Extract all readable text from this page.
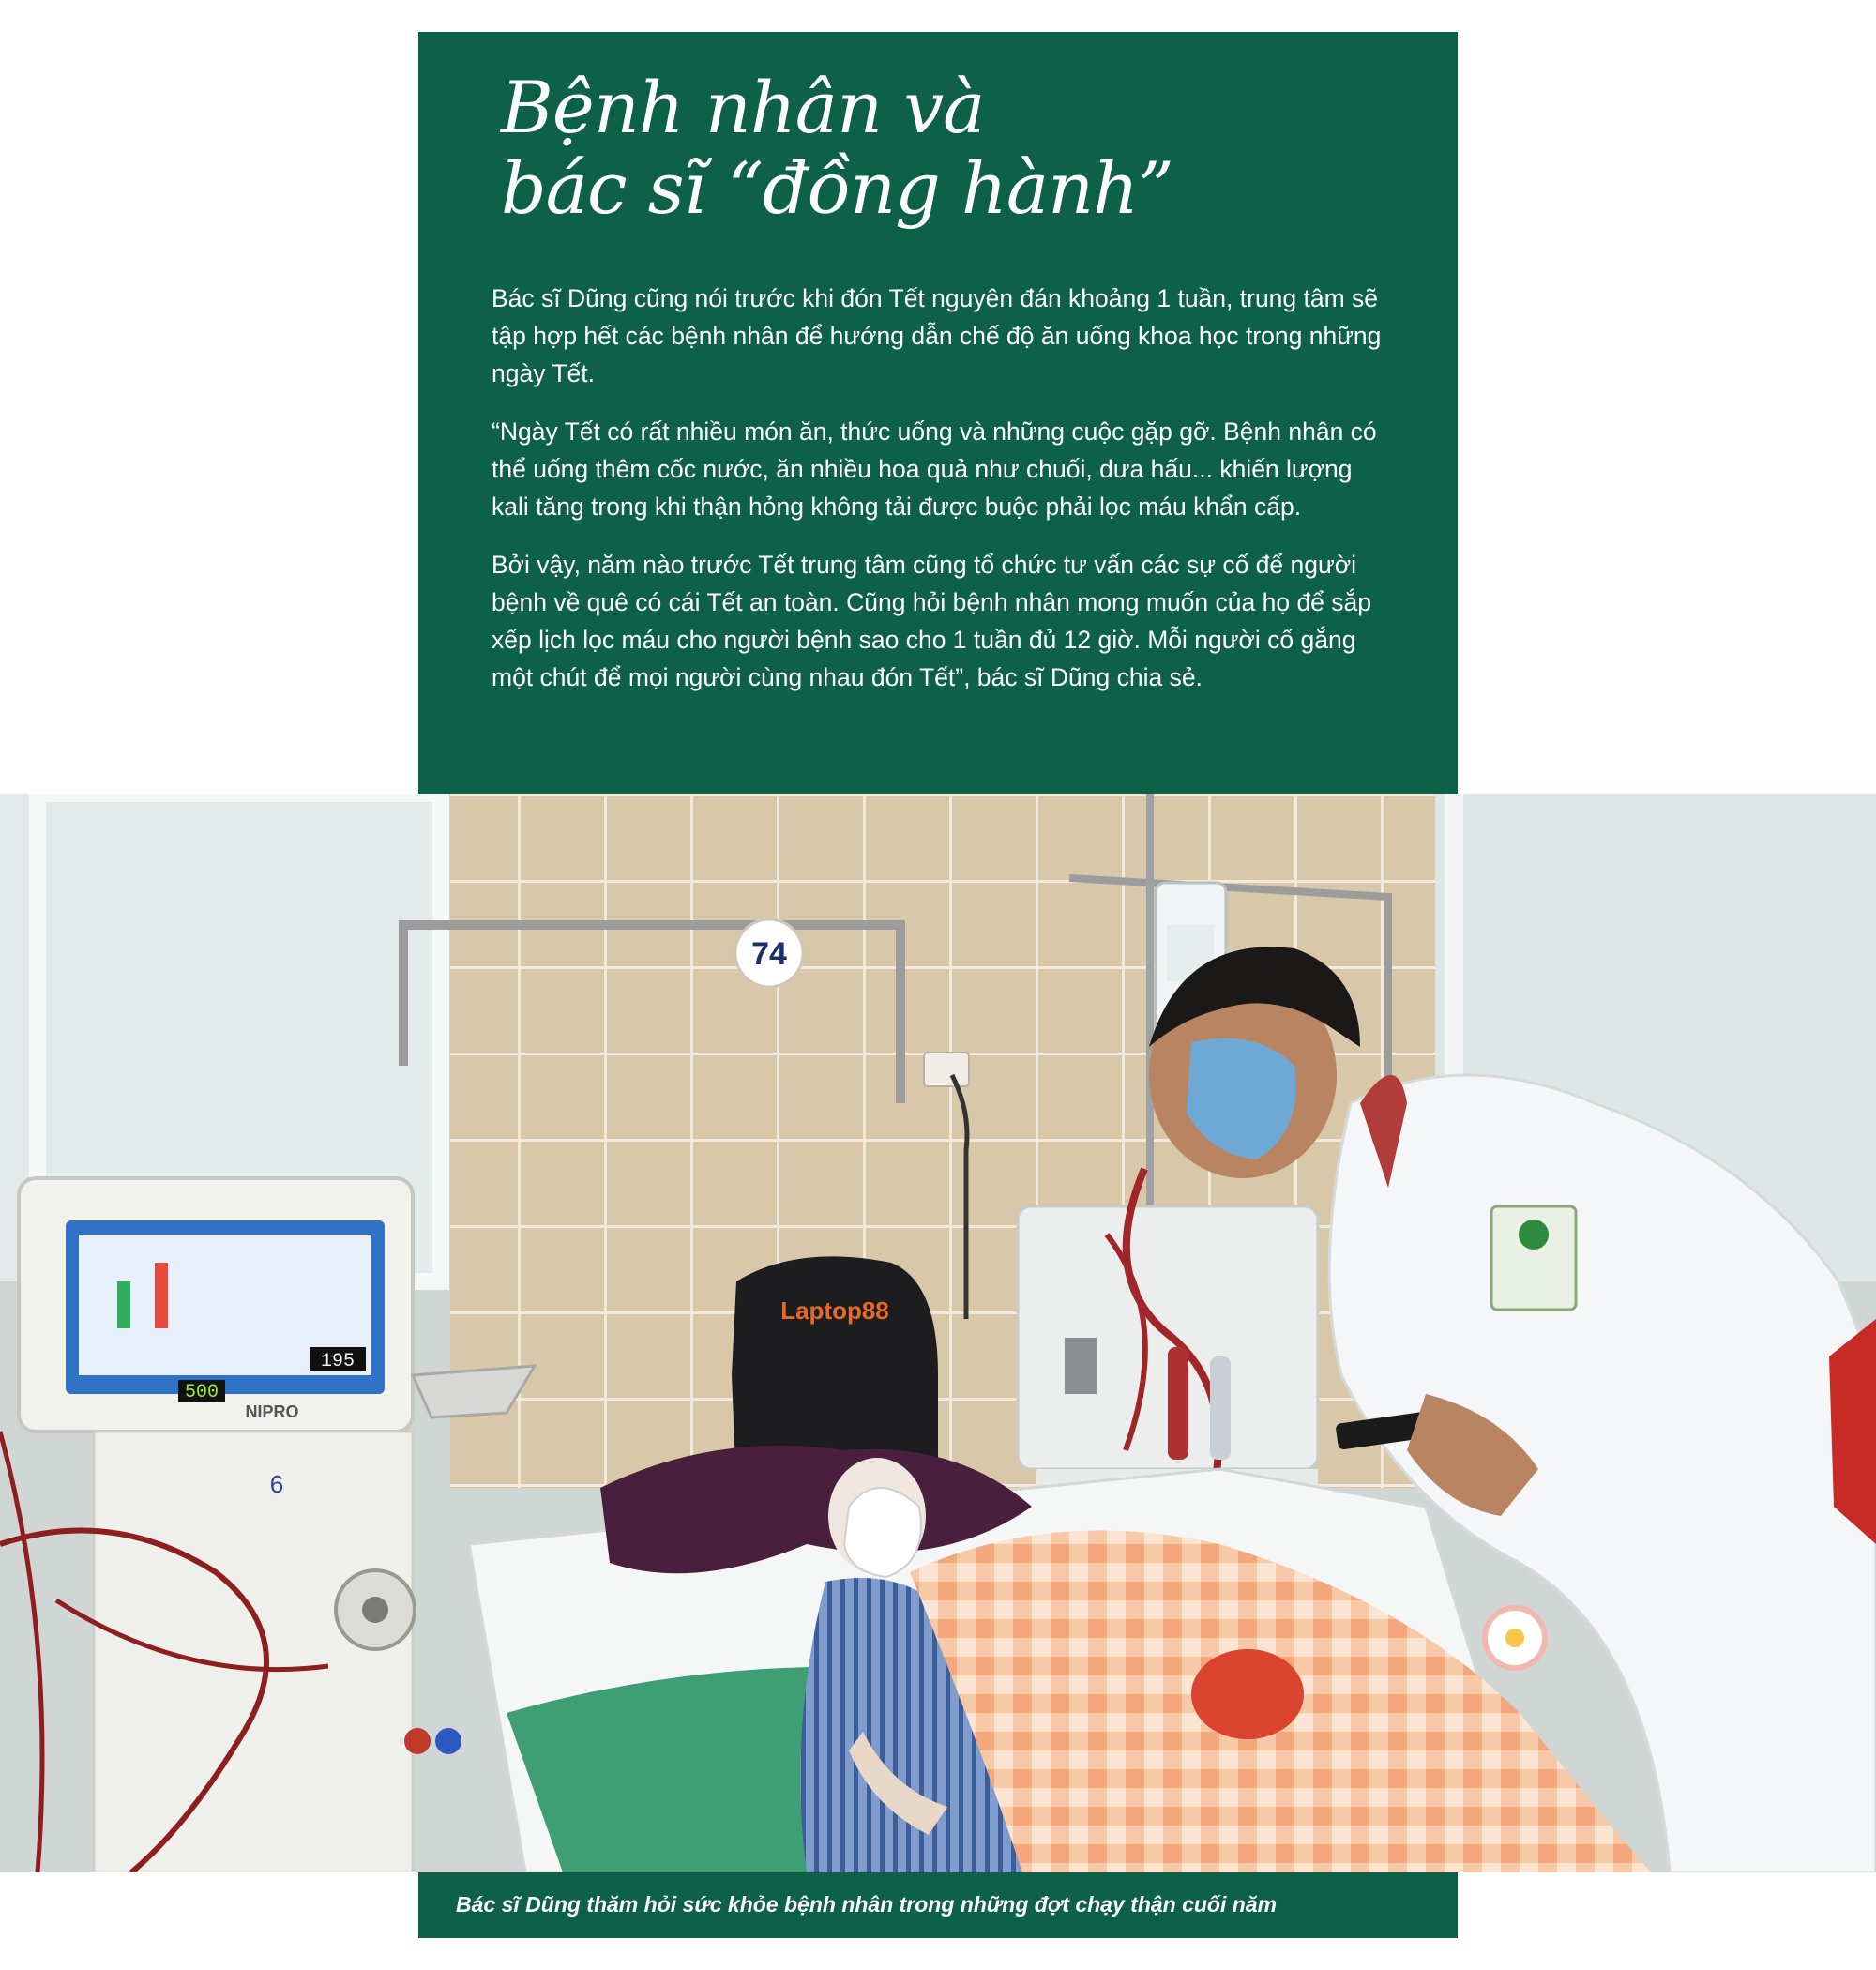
Bệnh nhân và
bác sĩ “đồng hành”

Bác sĩ Dũng cũng nói trước khi đón Tết nguyên đán khoảng 1 tuần, trung tâm sẽ tập hợp hết các bệnh nhân để hướng dẫn chế độ ăn uống khoa học trong những ngày Tết.

“Ngày Tết có rất nhiều món ăn, thức uống và những cuộc gặp gỡ. Bệnh nhân có thể uống thêm cốc nước, ăn nhiều hoa quả như chuối, dưa hấu... khiến lượng kali tăng trong khi thận hỏng không tải được buộc phải lọc máu khẩn cấp.

Bởi vậy, năm nào trước Tết trung tâm cũng tổ chức tư vấn các sự cố để người bệnh về quê có cái Tết an toàn. Cũng hỏi bệnh nhân mong muốn của họ để sắp xếp lịch lọc máu cho người bệnh sao cho 1 tuần đủ 12 giờ. Mỗi người cố gắng một chút để mọi người cùng nhau đón Tết”, bác sĩ Dũng chia sẻ.

74
500
195
NIPRO
6
Laptop88
Bác sĩ Dũng thăm hỏi sức khỏe bệnh nhân trong những đợt chạy thận cuối năm
